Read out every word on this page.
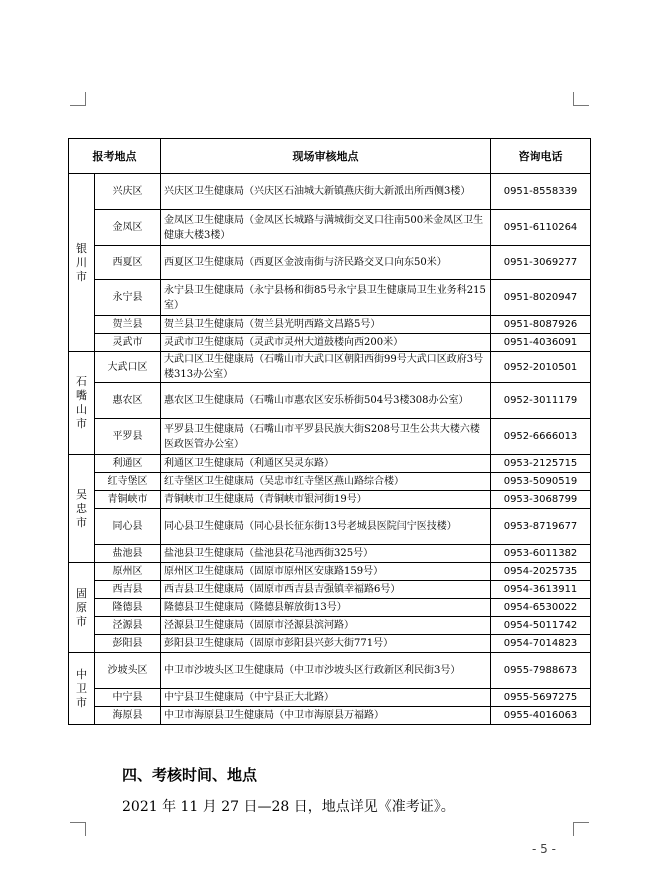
报考地点		现场审核地点	咨询电话
银川市	兴庆区	兴庆区卫生健康局（兴庆区石油城大新镇燕庆街大新派出所西侧3楼）	0951-8558339
	金凤区	金凤区卫生健康局（金凤区长城路与满城街交叉口往南500米金凤区卫生健康大楼3楼）	0951-6110264
	西夏区	西夏区卫生健康局（西夏区金波南街与济民路交叉口向东50米）	0951-3069277
	永宁县	永宁县卫生健康局（永宁县杨和街85号永宁县卫生健康局卫生业务科215室）	0951-8020947
	贺兰县	贺兰县卫生健康局（贺兰县光明西路文昌路5号）	0951-8087926
	灵武市	灵武市卫生健康局（灵武市灵州大道鼓楼向西200米）	0951-4036091
石嘴山市	大武口区	大武口区卫生健康局（石嘴山市大武口区朝阳西街99号大武口区政府3号楼313办公室）	0952-2010501
	惠农区	惠农区卫生健康局（石嘴山市惠农区安乐桥街504号3楼308办公室）	0952-3011179
	平罗县	平罗县卫生健康局（石嘴山市平罗县民族大街S208号卫生公共大楼六楼医政医管办公室）	0952-6666013
吴忠市	利通区	利通区卫生健康局（利通区吴灵东路）	0953-2125715
	红寺堡区	红寺堡区卫生健康局（吴忠市红寺堡区燕山路综合楼）	0953-5090519
	青铜峡市	青铜峡市卫生健康局（青铜峡市银河街19号）	0953-3068799
	同心县	同心县卫生健康局（同心县长征东街13号老城县医院闫宁医技楼）	0953-8719677
	盐池县	盐池县卫生健康局（盐池县花马池西街325号）	0953-6011382
固原市	原州区	原州区卫生健康局（固原市原州区安康路159号）	0954-2025735
	西吉县	西吉县卫生健康局（固原市西吉县吉强镇幸福路6号）	0954-3613911
	隆德县	隆德县卫生健康局（隆德县解放街13号）	0954-6530022
	泾源县	泾源县卫生健康局（固原市泾源县滨河路）	0954-5011742
	彭阳县	彭阳县卫生健康局（固原市彭阳县兴彭大街771号）	0954-7014823
中卫市	沙坡头区	中卫市沙坡头区卫生健康局（中卫市沙坡头区行政新区利民街3号）	0955-7988673
	中宁县	中宁县卫生健康局（中宁县正大北路）	0955-5697275
	海原县	中卫市海原县卫生健康局（中卫市海原县万福路）	0955-4016063
四、考核时间、地点
2021 年 11 月 27 日—28 日，地点详见《准考证》。
- 5 -
